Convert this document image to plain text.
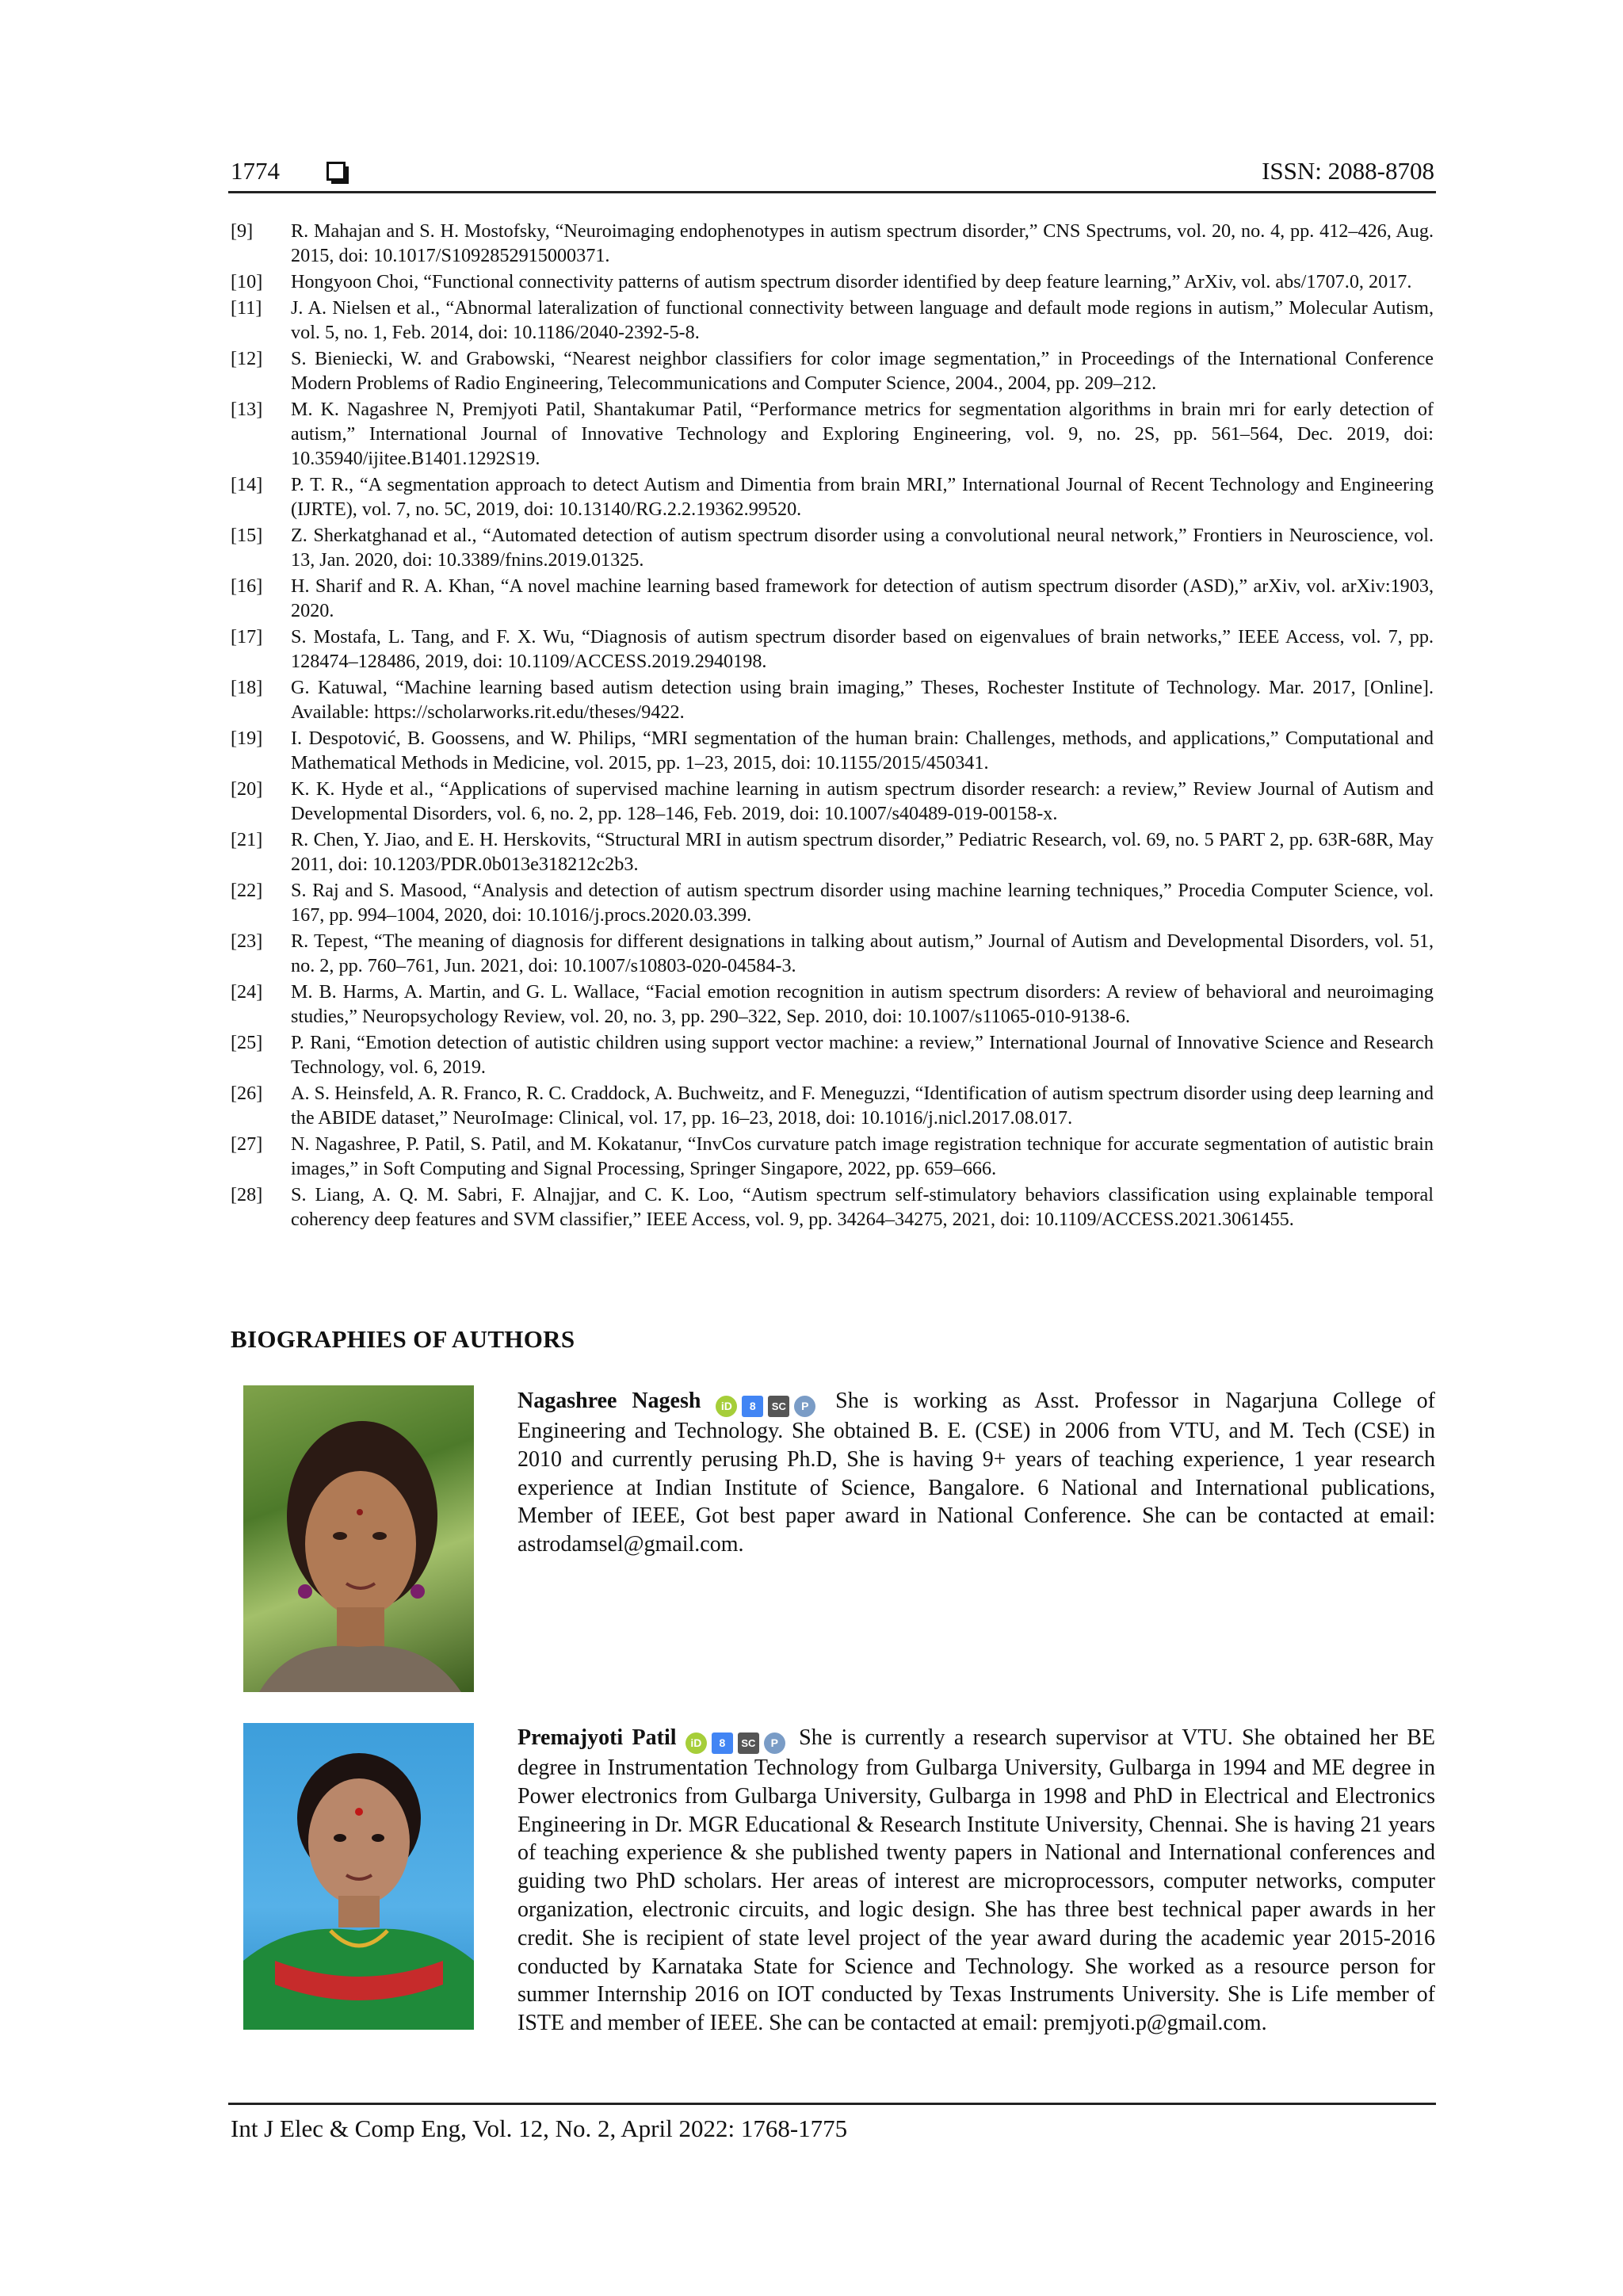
1774	ISSN: 2088-8708
[9]	R. Mahajan and S. H. Mostofsky, “Neuroimaging endophenotypes in autism spectrum disorder,” CNS Spectrums, vol. 20, no. 4, pp. 412–426, Aug. 2015, doi: 10.1017/S1092852915000371.
[10]	Hongyoon Choi, “Functional connectivity patterns of autism spectrum disorder identified by deep feature learning,” ArXiv, vol. abs/1707.0, 2017.
[11]	J. A. Nielsen et al., “Abnormal lateralization of functional connectivity between language and default mode regions in autism,” Molecular Autism, vol. 5, no. 1, Feb. 2014, doi: 10.1186/2040-2392-5-8.
[12]	S. Bieniecki, W. and Grabowski, “Nearest neighbor classifiers for color image segmentation,” in Proceedings of the International Conference Modern Problems of Radio Engineering, Telecommunications and Computer Science, 2004., 2004, pp. 209–212.
[13]	M. K. Nagashree N, Premjyoti Patil, Shantakumar Patil, “Performance metrics for segmentation algorithms in brain mri for early detection of autism,” International Journal of Innovative Technology and Exploring Engineering, vol. 9, no. 2S, pp. 561–564, Dec. 2019, doi: 10.35940/ijitee.B1401.1292S19.
[14]	P. T. R., “A segmentation approach to detect Autism and Dimentia from brain MRI,” International Journal of Recent Technology and Engineering (IJRTE), vol. 7, no. 5C, 2019, doi: 10.13140/RG.2.2.19362.99520.
[15]	Z. Sherkatghanad et al., “Automated detection of autism spectrum disorder using a convolutional neural network,” Frontiers in Neuroscience, vol. 13, Jan. 2020, doi: 10.3389/fnins.2019.01325.
[16]	H. Sharif and R. A. Khan, “A novel machine learning based framework for detection of autism spectrum disorder (ASD),” arXiv, vol. arXiv:1903, 2020.
[17]	S. Mostafa, L. Tang, and F. X. Wu, “Diagnosis of autism spectrum disorder based on eigenvalues of brain networks,” IEEE Access, vol. 7, pp. 128474–128486, 2019, doi: 10.1109/ACCESS.2019.2940198.
[18]	G. Katuwal, “Machine learning based autism detection using brain imaging,” Theses, Rochester Institute of Technology. Mar. 2017, [Online]. Available: https://scholarworks.rit.edu/theses/9422.
[19]	I. Despotović, B. Goossens, and W. Philips, “MRI segmentation of the human brain: Challenges, methods, and applications,” Computational and Mathematical Methods in Medicine, vol. 2015, pp. 1–23, 2015, doi: 10.1155/2015/450341.
[20]	K. K. Hyde et al., “Applications of supervised machine learning in autism spectrum disorder research: a review,” Review Journal of Autism and Developmental Disorders, vol. 6, no. 2, pp. 128–146, Feb. 2019, doi: 10.1007/s40489-019-00158-x.
[21]	R. Chen, Y. Jiao, and E. H. Herskovits, “Structural MRI in autism spectrum disorder,” Pediatric Research, vol. 69, no. 5 PART 2, pp. 63R-68R, May 2011, doi: 10.1203/PDR.0b013e318212c2b3.
[22]	S. Raj and S. Masood, “Analysis and detection of autism spectrum disorder using machine learning techniques,” Procedia Computer Science, vol. 167, pp. 994–1004, 2020, doi: 10.1016/j.procs.2020.03.399.
[23]	R. Tepest, “The meaning of diagnosis for different designations in talking about autism,” Journal of Autism and Developmental Disorders, vol. 51, no. 2, pp. 760–761, Jun. 2021, doi: 10.1007/s10803-020-04584-3.
[24]	M. B. Harms, A. Martin, and G. L. Wallace, “Facial emotion recognition in autism spectrum disorders: A review of behavioral and neuroimaging studies,” Neuropsychology Review, vol. 20, no. 3, pp. 290–322, Sep. 2010, doi: 10.1007/s11065-010-9138-6.
[25]	P. Rani, “Emotion detection of autistic children using support vector machine: a review,” International Journal of Innovative Science and Research Technology, vol. 6, 2019.
[26]	A. S. Heinsfeld, A. R. Franco, R. C. Craddock, A. Buchweitz, and F. Meneguzzi, “Identification of autism spectrum disorder using deep learning and the ABIDE dataset,” NeuroImage: Clinical, vol. 17, pp. 16–23, 2018, doi: 10.1016/j.nicl.2017.08.017.
[27]	N. Nagashree, P. Patil, S. Patil, and M. Kokatanur, “InvCos curvature patch image registration technique for accurate segmentation of autistic brain images,” in Soft Computing and Signal Processing, Springer Singapore, 2022, pp. 659–666.
[28]	S. Liang, A. Q. M. Sabri, F. Alnajjar, and C. K. Loo, “Autism spectrum self-stimulatory behaviors classification using explainable temporal coherency deep features and SVM classifier,” IEEE Access, vol. 9, pp. 34264–34275, 2021, doi: 10.1109/ACCESS.2021.3061455.
BIOGRAPHIES OF AUTHORS
Nagashree Nagesh iD 8 SC P She is working as Asst. Professor in Nagarjuna College of Engineering and Technology. She obtained B. E. (CSE) in 2006 from VTU, and M. Tech (CSE) in 2010 and currently perusing Ph.D, She is having 9+ years of teaching experience, 1 year research experience at Indian Institute of Science, Bangalore. 6 National and International publications, Member of IEEE, Got best paper award in National Conference. She can be contacted at email: astrodamsel@gmail.com.
Premajyoti Patil iD 8 SC P She is currently a research supervisor at VTU. She obtained her BE degree in Instrumentation Technology from Gulbarga University, Gulbarga in 1994 and ME degree in Power electronics from Gulbarga University, Gulbarga in 1998 and PhD in Electrical and Electronics Engineering in Dr. MGR Educational & Research Institute University, Chennai. She is having 21 years of teaching experience & she published twenty papers in National and International conferences and guiding two PhD scholars. Her areas of interest are microprocessors, computer networks, computer organization, electronic circuits, and logic design. She has three best technical paper awards in her credit. She is recipient of state level project of the year award during the academic year 2015-2016 conducted by Karnataka State for Science and Technology. She worked as a resource person for summer Internship 2016 on IOT conducted by Texas Instruments University. She is Life member of ISTE and member of IEEE. She can be contacted at email: premjyoti.p@gmail.com.
Int J Elec & Comp Eng, Vol. 12, No. 2, April 2022: 1768-1775
